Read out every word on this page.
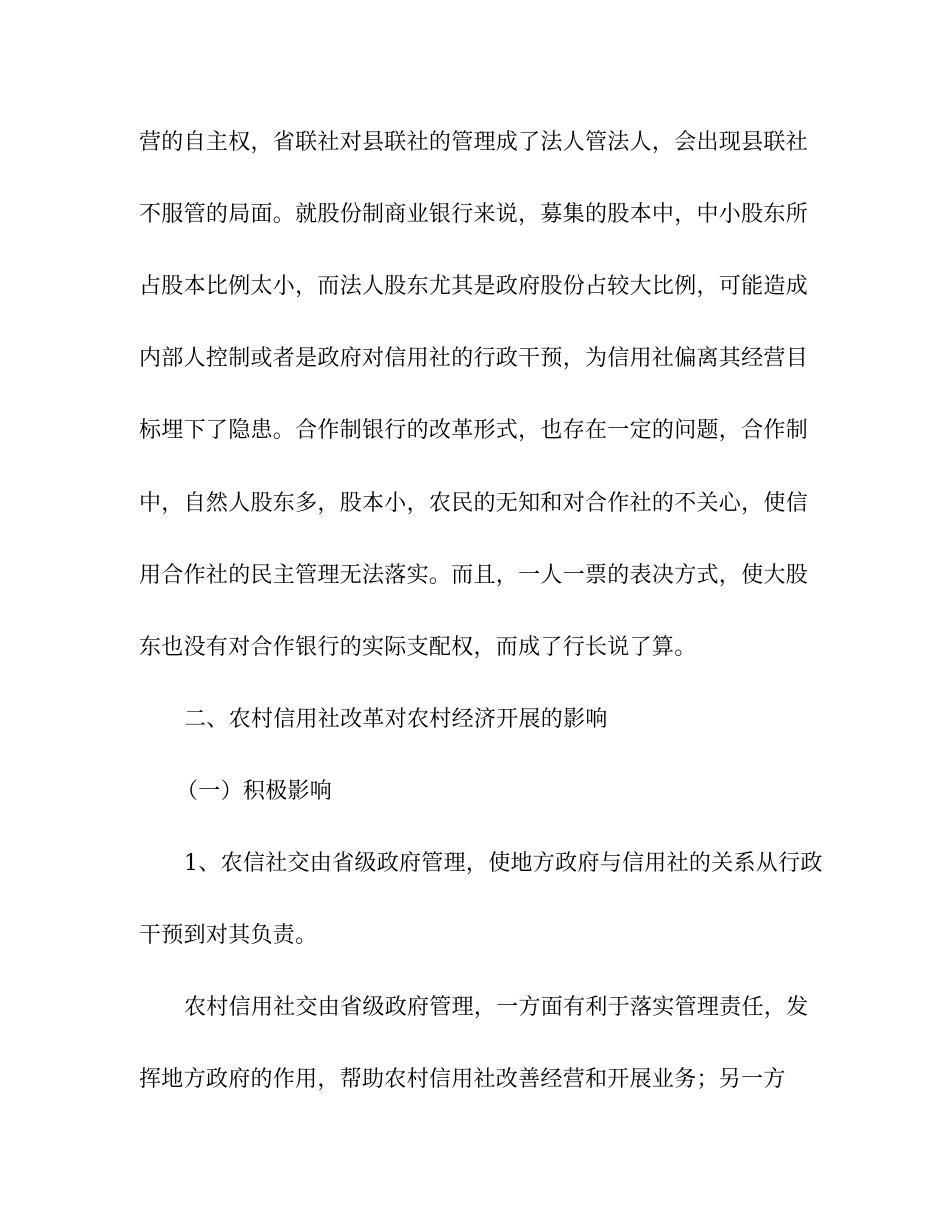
营的自主权，省联社对县联社的管理成了法人管法人，会出现县联社
不服管的局面。就股份制商业银行来说，募集的股本中，中小股东所
占股本比例太小，而法人股东尤其是政府股份占较大比例，可能造成
内部人控制或者是政府对信用社的行政干预，为信用社偏离其经营目
标埋下了隐患。合作制银行的改革形式，也存在一定的问题，合作制
中，自然人股东多，股本小，农民的无知和对合作社的不关心，使信
用合作社的民主管理无法落实。而且，一人一票的表决方式，使大股
东也没有对合作银行的实际支配权，而成了行长说了算。
二、农村信用社改革对农村经济开展的影响
（一）积极影响
1、农信社交由省级政府管理，使地方政府与信用社的关系从行政
干预到对其负责。
农村信用社交由省级政府管理，一方面有利于落实管理责任，发
挥地方政府的作用，帮助农村信用社改善经营和开展业务；另一方
